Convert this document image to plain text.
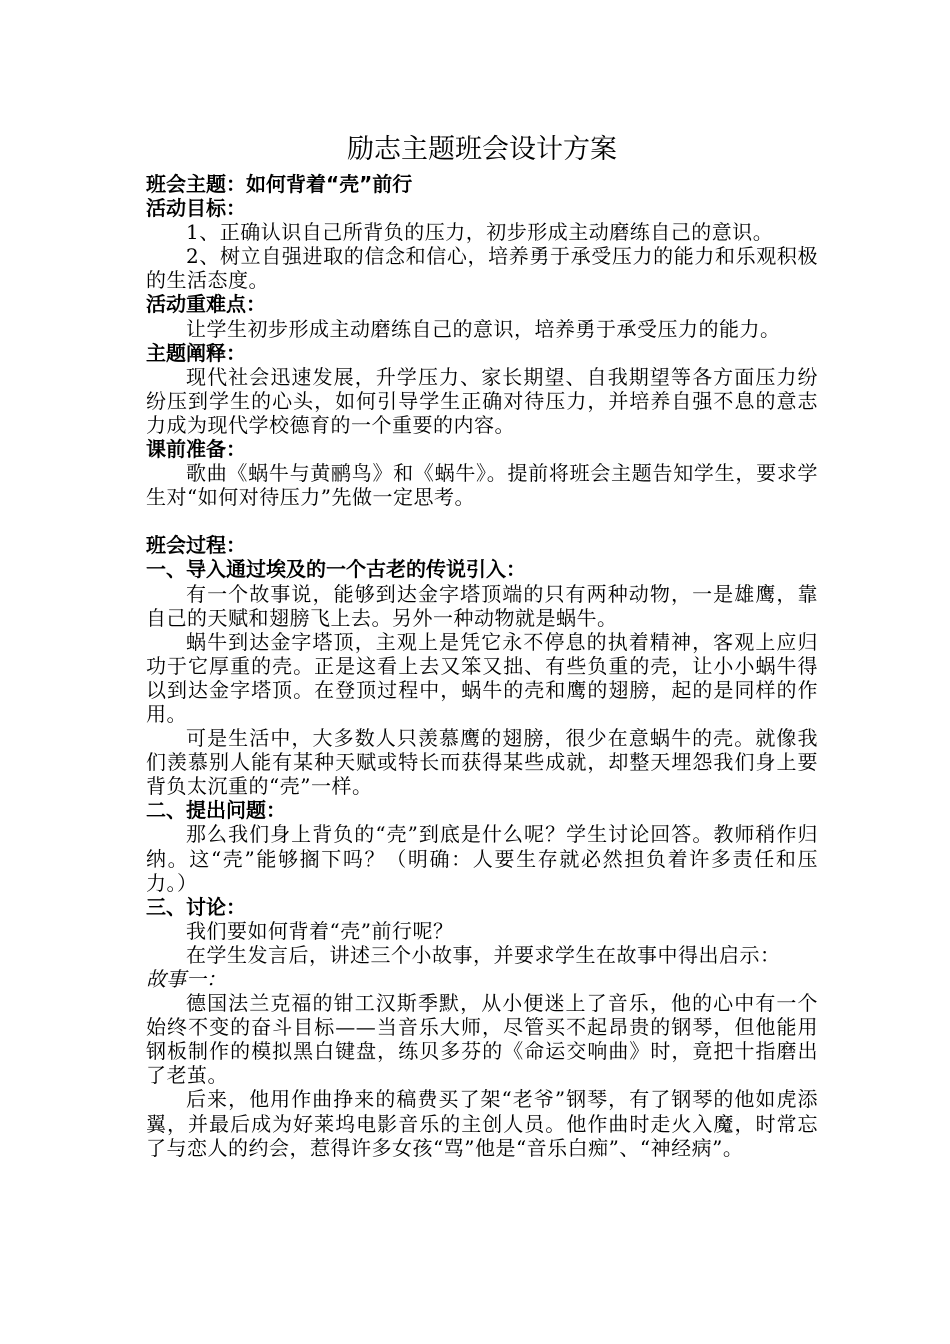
励志主题班会设计方案

班会主题：如何背着“壳”前行

活动目标：

1、正确认识自己所背负的压力，初步形成主动磨练自己的意识。

2、树立自强进取的信念和信心，培养勇于承受压力的能力和乐观积极的生活态度。

活动重难点：

让学生初步形成主动磨练自己的意识，培养勇于承受压力的能力。

主题阐释：

现代社会迅速发展，升学压力、家长期望、自我期望等各方面压力纷纷压到学生的心头，如何引导学生正确对待压力，并培养自强不息的意志力成为现代学校德育的一个重要的内容。

课前准备：

歌曲《蜗牛与黄鹂鸟》和《蜗牛》。提前将班会主题告知学生，要求学生对“如何对待压力”先做一定思考。

班会过程：

一、导入通过埃及的一个古老的传说引入：

有一个故事说，能够到达金字塔顶端的只有两种动物，一是雄鹰，靠自己的天赋和翅膀飞上去。另外一种动物就是蜗牛。

蜗牛到达金字塔顶，主观上是凭它永不停息的执着精神，客观上应归功于它厚重的壳。正是这看上去又笨又拙、有些负重的壳，让小小蜗牛得以到达金字塔顶。在登顶过程中，蜗牛的壳和鹰的翅膀，起的是同样的作用。

可是生活中，大多数人只羡慕鹰的翅膀，很少在意蜗牛的壳。就像我们羡慕别人能有某种天赋或特长而获得某些成就，却整天埋怨我们身上要背负太沉重的“壳”一样。

二、提出问题：

那么我们身上背负的“壳”到底是什么呢？学生讨论回答。教师稍作归纳。这“壳”能够搁下吗？（明确：人要生存就必然担负着许多责任和压力。）

三、讨论：

我们要如何背着“壳”前行呢？

在学生发言后，讲述三个小故事，并要求学生在故事中得出启示：

故事一：

德国法兰克福的钳工汉斯季默，从小便迷上了音乐，他的心中有一个始终不变的奋斗目标——当音乐大师，尽管买不起昂贵的钢琴，但他能用钢板制作的模拟黑白键盘，练贝多芬的《命运交响曲》时，竟把十指磨出了老茧。

后来，他用作曲挣来的稿费买了架“老爷”钢琴，有了钢琴的他如虎添翼，并最后成为好莱坞电影音乐的主创人员。他作曲时走火入魔，时常忘了与恋人的约会，惹得许多女孩“骂”他是“音乐白痴”、“神经病”。
